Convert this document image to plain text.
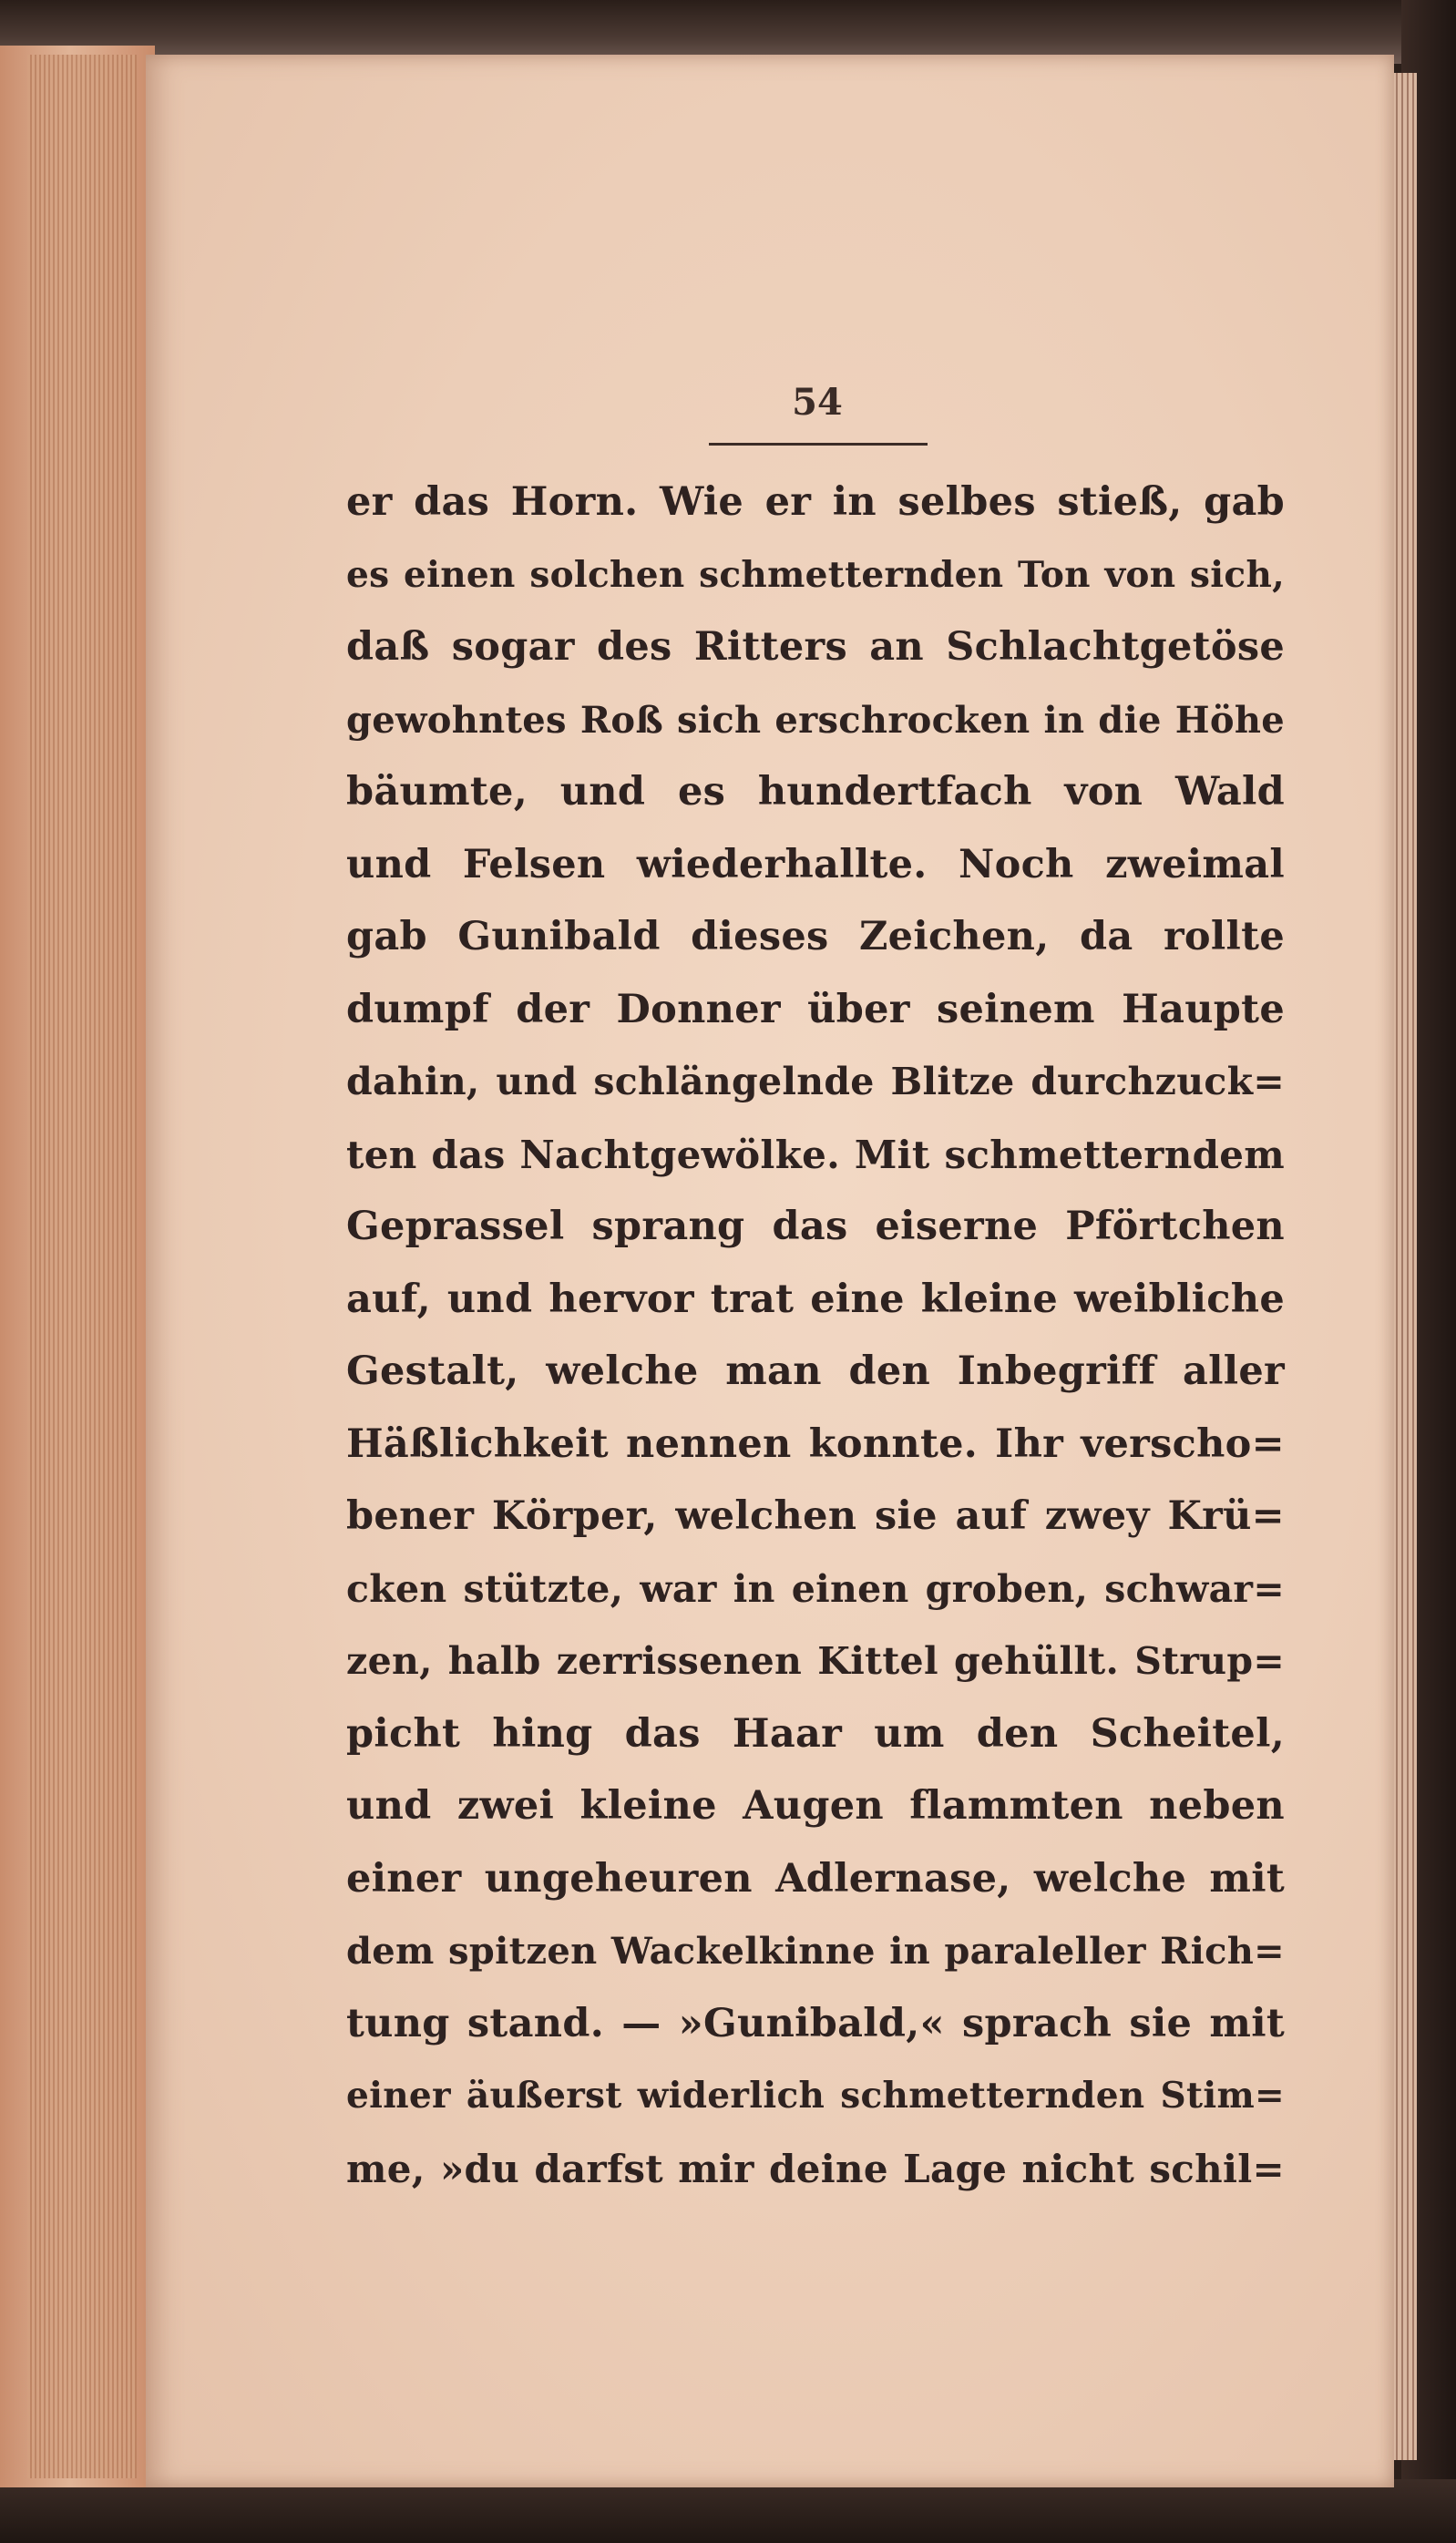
54
er das Horn. Wie er in selbes stieß, gab
es einen solchen schmetternden Ton von sich,
daß sogar des Ritters an Schlachtgetöse
gewohntes Roß sich erschrocken in die Höhe
bäumte, und es hundertfach von Wald
und Felsen wiederhallte. Noch zweimal
gab Gunibald dieses Zeichen, da rollte
dumpf der Donner über seinem Haupte
dahin, und schlängelnde Blitze durchzuck=
ten das Nachtgewölke. Mit schmetterndem
Geprassel sprang das eiserne Pförtchen
auf, und hervor trat eine kleine weibliche
Gestalt, welche man den Inbegriff aller
Häßlichkeit nennen konnte. Ihr verscho=
bener Körper, welchen sie auf zwey Krü=
cken stützte, war in einen groben, schwar=
zen, halb zerrissenen Kittel gehüllt. Strup=
picht hing das Haar um den Scheitel,
und zwei kleine Augen flammten neben
einer ungeheuren Adlernase, welche mit
dem spitzen Wackelkinne in paraleller Rich=
tung stand. — »Gunibald,« sprach sie mit
einer äußerst widerlich schmetternden Stim=
me, »du darfst mir deine Lage nicht schil=
